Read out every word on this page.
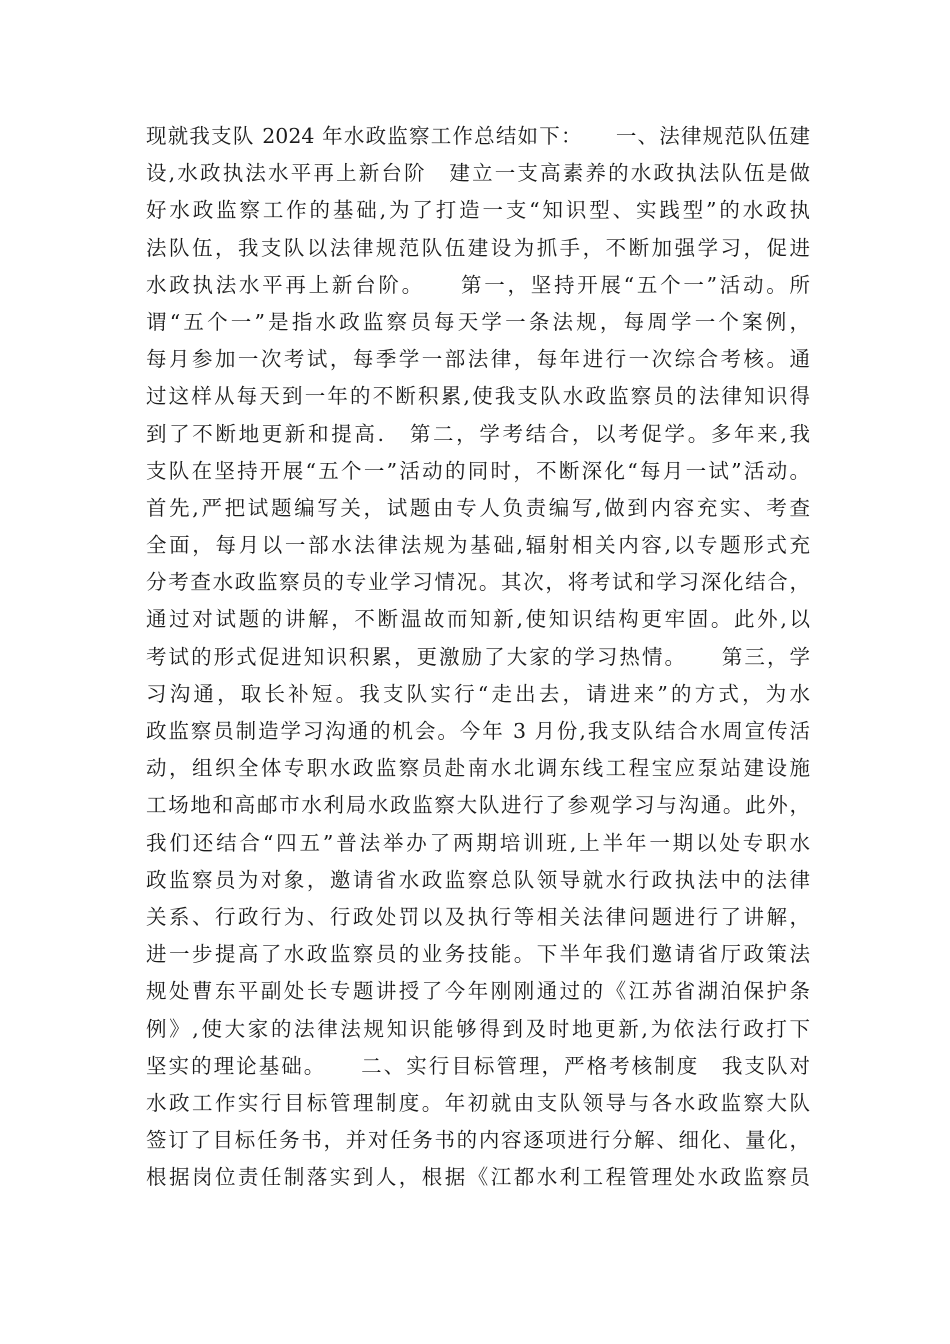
现就我支队 2024 年水政监察工作总结如下：　　一、法律规范队伍建
设,水政执法水平再上新台阶　建立一支高素养的水政执法队伍是做
好水政监察工作的基础,为了打造一支“知识型、实践型”的水政执
法队伍，我支队以法律规范队伍建设为抓手，不断加强学习，促进
水政执法水平再上新台阶。　　第一，坚持开展“五个一”活动。所
谓“五个一”是指水政监察员每天学一条法规，每周学一个案例，
每月参加一次考试，每季学一部法律，每年进行一次综合考核。通
过这样从每天到一年的不断积累,使我支队水政监察员的法律知识得
到了不断地更新和提高.　第二，学考结合，以考促学。多年来,我
支队在坚持开展“五个一”活动的同时，不断深化“每月一试”活动。
首先,严把试题编写关，试题由专人负责编写,做到内容充实、考查
全面，每月以一部水法律法规为基础,辐射相关内容,以专题形式充
分考查水政监察员的专业学习情况。其次，将考试和学习深化结合，
通过对试题的讲解，不断温故而知新,使知识结构更牢固。此外,以
考试的形式促进知识积累，更激励了大家的学习热情。　　第三，学
习沟通，取长补短。我支队实行“走出去，请进来”的方式，为水
政监察员制造学习沟通的机会。今年 3 月份,我支队结合水周宣传活
动，组织全体专职水政监察员赴南水北调东线工程宝应泵站建设施
工场地和高邮市水利局水政监察大队进行了参观学习与沟通。此外，
我们还结合“四五”普法举办了两期培训班,上半年一期以处专职水
政监察员为对象，邀请省水政监察总队领导就水行政执法中的法律
关系、行政行为、行政处罚以及执行等相关法律问题进行了讲解，
进一步提高了水政监察员的业务技能。下半年我们邀请省厅政策法
规处曹东平副处长专题讲授了今年刚刚通过的《江苏省湖泊保护条
例》,使大家的法律法规知识能够得到及时地更新,为依法行政打下
坚实的理论基础。　　二、实行目标管理，严格考核制度　我支队对
水政工作实行目标管理制度。年初就由支队领导与各水政监察大队
签订了目标任务书，并对任务书的内容逐项进行分解、细化、量化，
根据岗位责任制落实到人，根据《江都水利工程管理处水政监察员
